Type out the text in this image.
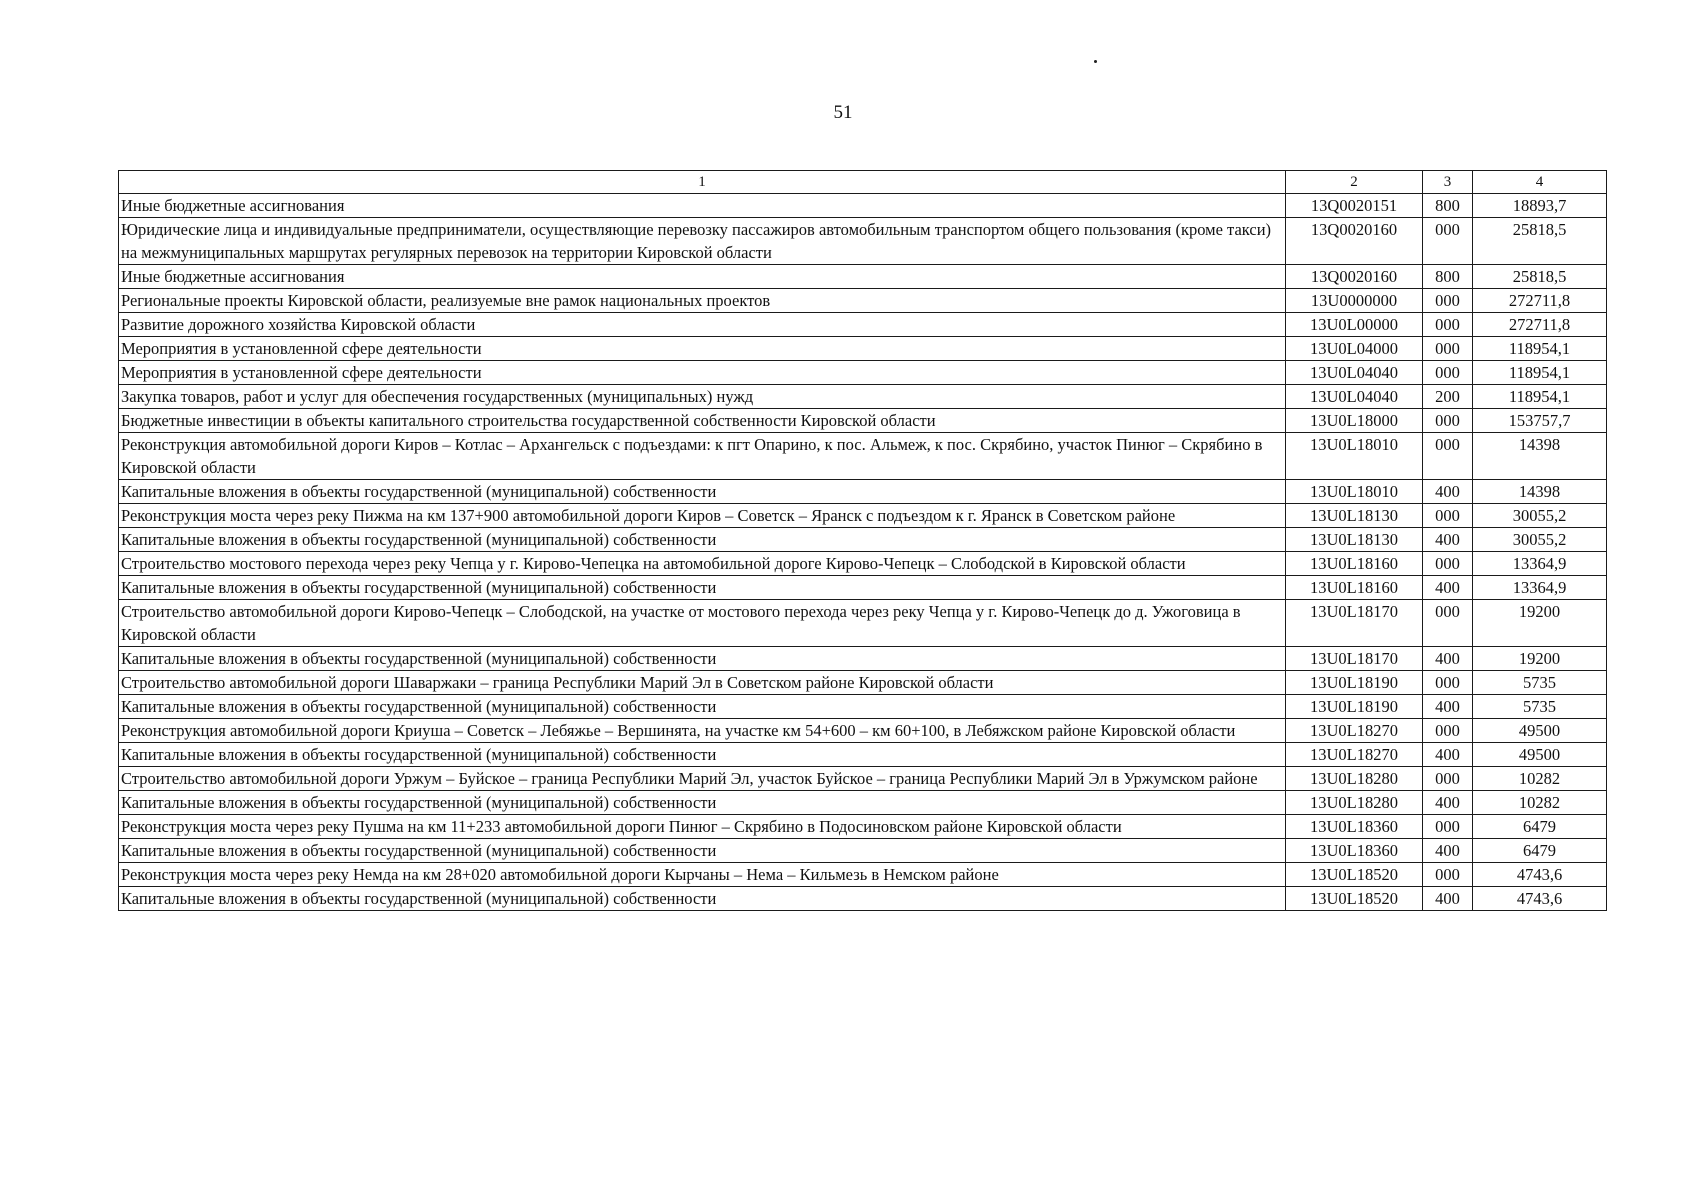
51
1	2	3	4
Иные бюджетные ассигнования	13Q0020151	800	18893,7
Юридические лица и индивидуальные предприниматели, осуществляющие перевозку пассажиров автомобильным транспортом общего пользования (кроме такси) на межмуниципальных маршрутах регулярных перевозок на территории Кировской области	13Q0020160	000	25818,5
Иные бюджетные ассигнования	13Q0020160	800	25818,5
Региональные проекты Кировской области, реализуемые вне рамок национальных проектов	13U0000000	000	272711,8
Развитие дорожного хозяйства Кировской области	13U0L00000	000	272711,8
Мероприятия в установленной сфере деятельности	13U0L04000	000	118954,1
Мероприятия в установленной сфере деятельности	13U0L04040	000	118954,1
Закупка товаров, работ и услуг для обеспечения государственных (муниципальных) нужд	13U0L04040	200	118954,1
Бюджетные инвестиции в объекты капитального строительства государственной собственности Кировской области	13U0L18000	000	153757,7
Реконструкция автомобильной дороги Киров – Котлас – Архангельск с подъездами: к пгт Опарино, к пос. Альмеж, к пос. Скрябино, участок Пинюг – Скрябино в Кировской области	13U0L18010	000	14398
Капитальные вложения в объекты государственной (муниципальной) собственности	13U0L18010	400	14398
Реконструкция моста через реку Пижма на км 137+900 автомобильной дороги Киров – Советск – Яранск с подъездом к г. Яранск в Советском районе	13U0L18130	000	30055,2
Капитальные вложения в объекты государственной (муниципальной) собственности	13U0L18130	400	30055,2
Строительство мостового перехода через реку Чепца у г. Кирово-Чепецка на автомобильной дороге Кирово-Чепецк – Слободской в Кировской области	13U0L18160	000	13364,9
Капитальные вложения в объекты государственной (муниципальной) собственности	13U0L18160	400	13364,9
Строительство автомобильной дороги Кирово-Чепецк – Слободской, на участке от мостового перехода через реку Чепца у г. Кирово-Чепецк до д. Ужоговица в Кировской области	13U0L18170	000	19200
Капитальные вложения в объекты государственной (муниципальной) собственности	13U0L18170	400	19200
Строительство автомобильной дороги Шаваржаки – граница Республики Марий Эл в Советском районе Кировской области	13U0L18190	000	5735
Капитальные вложения в объекты государственной (муниципальной) собственности	13U0L18190	400	5735
Реконструкция автомобильной дороги Криуша – Советск – Лебяжье – Вершинята, на участке км 54+600 – км 60+100, в Лебяжском районе Кировской области	13U0L18270	000	49500
Капитальные вложения в объекты государственной (муниципальной) собственности	13U0L18270	400	49500
Строительство автомобильной дороги Уржум – Буйское – граница Республики Марий Эл, участок Буйское – граница Республики Марий Эл в Уржумском районе	13U0L18280	000	10282
Капитальные вложения в объекты государственной (муниципальной) собственности	13U0L18280	400	10282
Реконструкция моста через реку Пушма на км 11+233 автомобильной дороги Пинюг – Скрябино в Подосиновском районе Кировской области	13U0L18360	000	6479
Капитальные вложения в объекты государственной (муниципальной) собственности	13U0L18360	400	6479
Реконструкция моста через реку Немда на км 28+020 автомобильной дороги Кырчаны – Нема – Кильмезь в Немском районе	13U0L18520	000	4743,6
Капитальные вложения в объекты государственной (муниципальной) собственности	13U0L18520	400	4743,6
